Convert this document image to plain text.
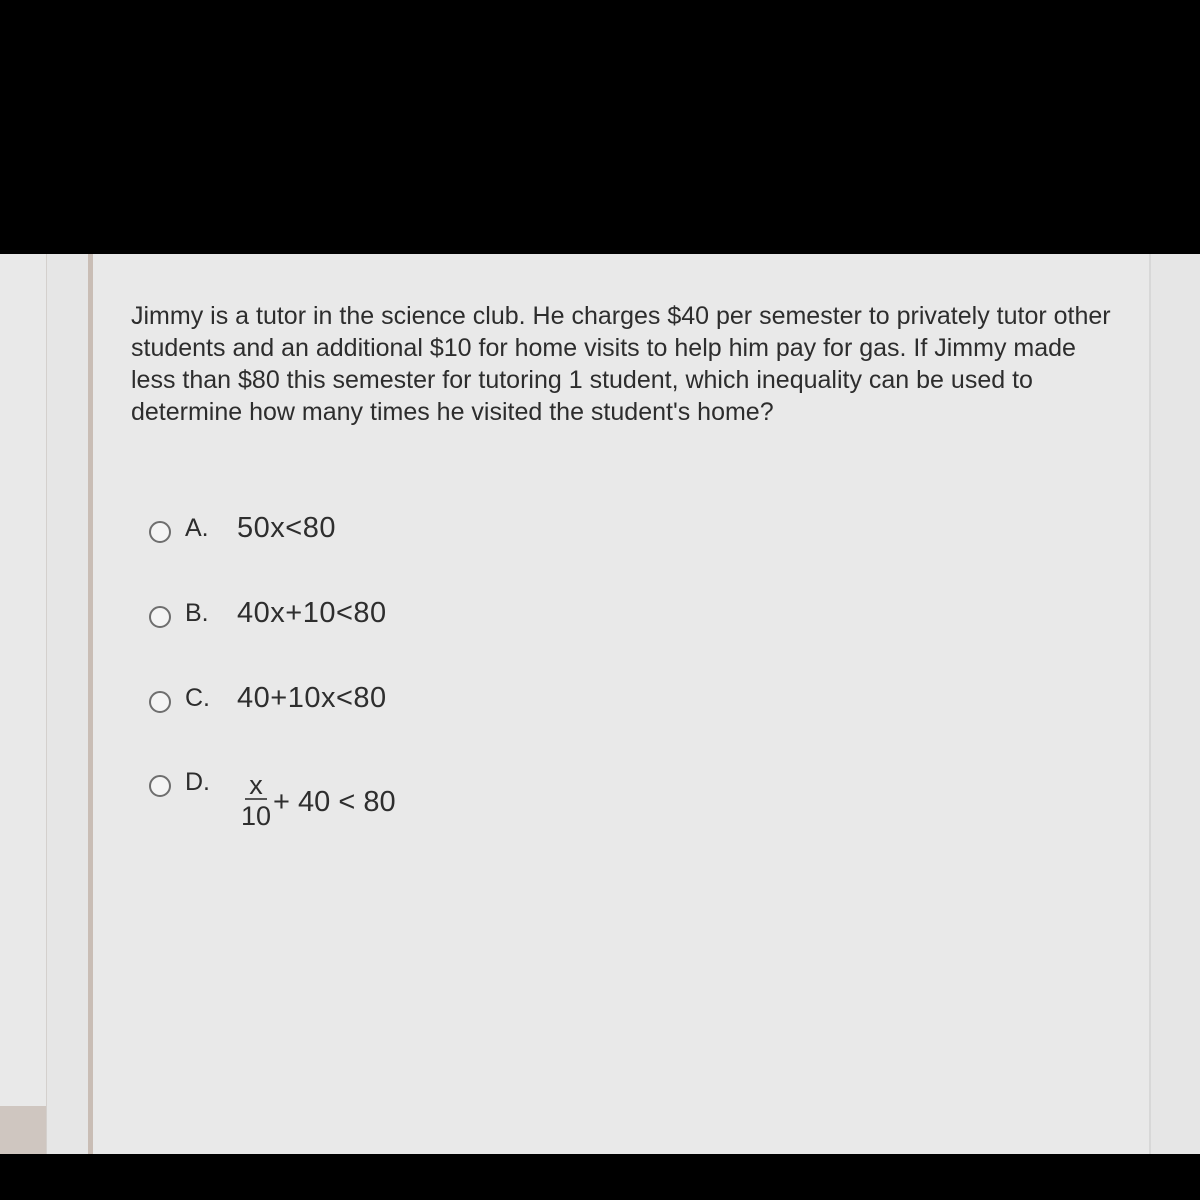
Jimmy is a tutor in the science club. He charges $40 per semester to privately tutor other students and an additional $10 for home visits to help him pay for gas. If Jimmy made less than $80 this semester for tutoring 1 student, which inequality can be used to determine how many times he visited the student's home?

A. 50x<80
B. 40x+10<80
C. 40+10x<80
D.	$\frac{x}{10} + 40 < 80$
